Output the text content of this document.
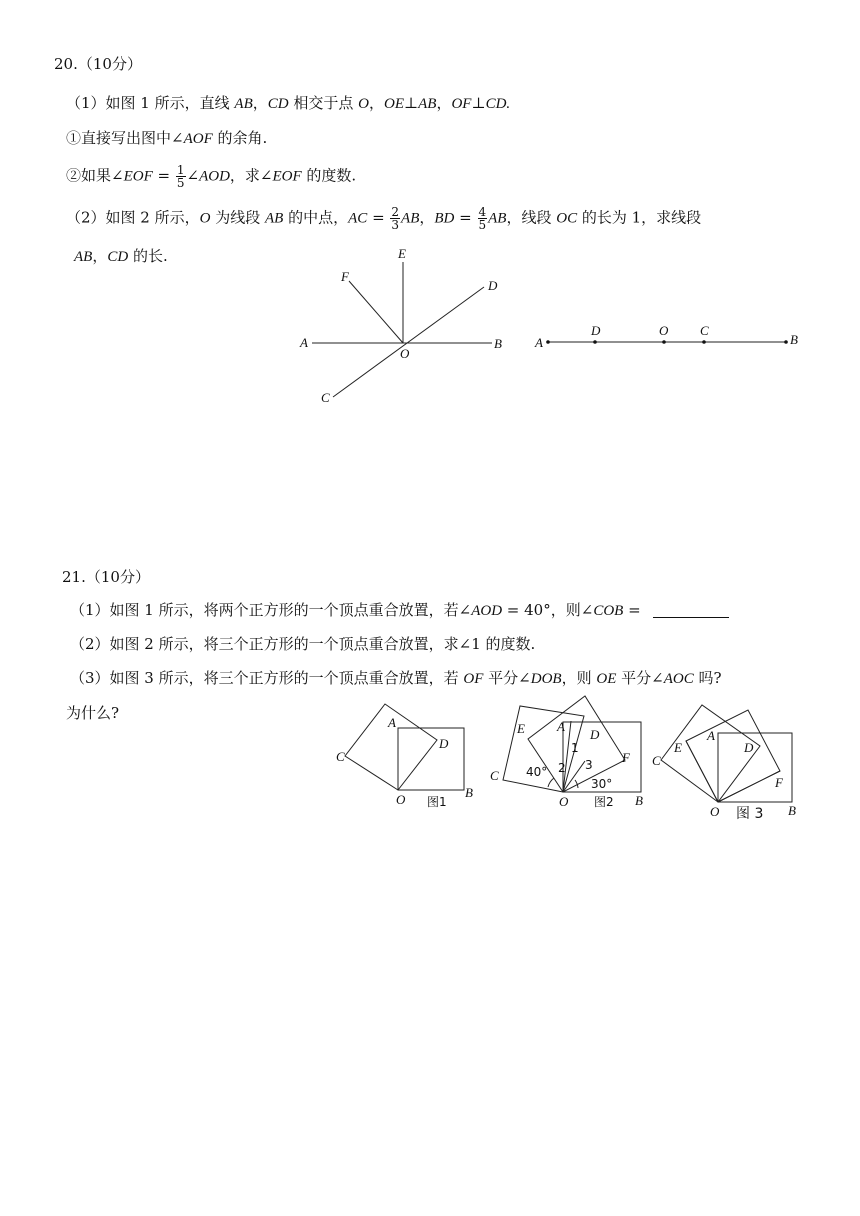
20.（10分）
（1）如图 1 所示，直线 AB，CD 相交于点 O，OE⊥AB，OF⊥CD.
①直接写出图中∠AOF 的余角.
②如果∠EOF = $\frac{1}{5}$ ∠AOD，求∠EOF 的度数.
（2）如图 2 所示，O 为线段 AB 的中点，AC = $\frac{2}{3}$ AB，BD = $\frac{4}{5}$ AB，线段 OC 的长为 1，求线段
AB，CD 的长.
A	B
C
D
E
F
O
A
D	O C
B
21.（10分）
（1）如图 1 所示，将两个正方形的一个顶点重合放置，若∠AOD = 40°，则∠COB =
（2）如图 2 所示，将三个正方形的一个顶点重合放置，求∠1 的度数.
（3）如图 3 所示，将三个正方形的一个顶点重合放置，若 OF 平分∠DOB，则 OE 平分∠AOC 吗?
为什么?
A
C
D
O	B
图1
E A
D
F
C
1
2 3
40°
30°
O	B
图2
A
E
C
D
F
O	B
图 3
